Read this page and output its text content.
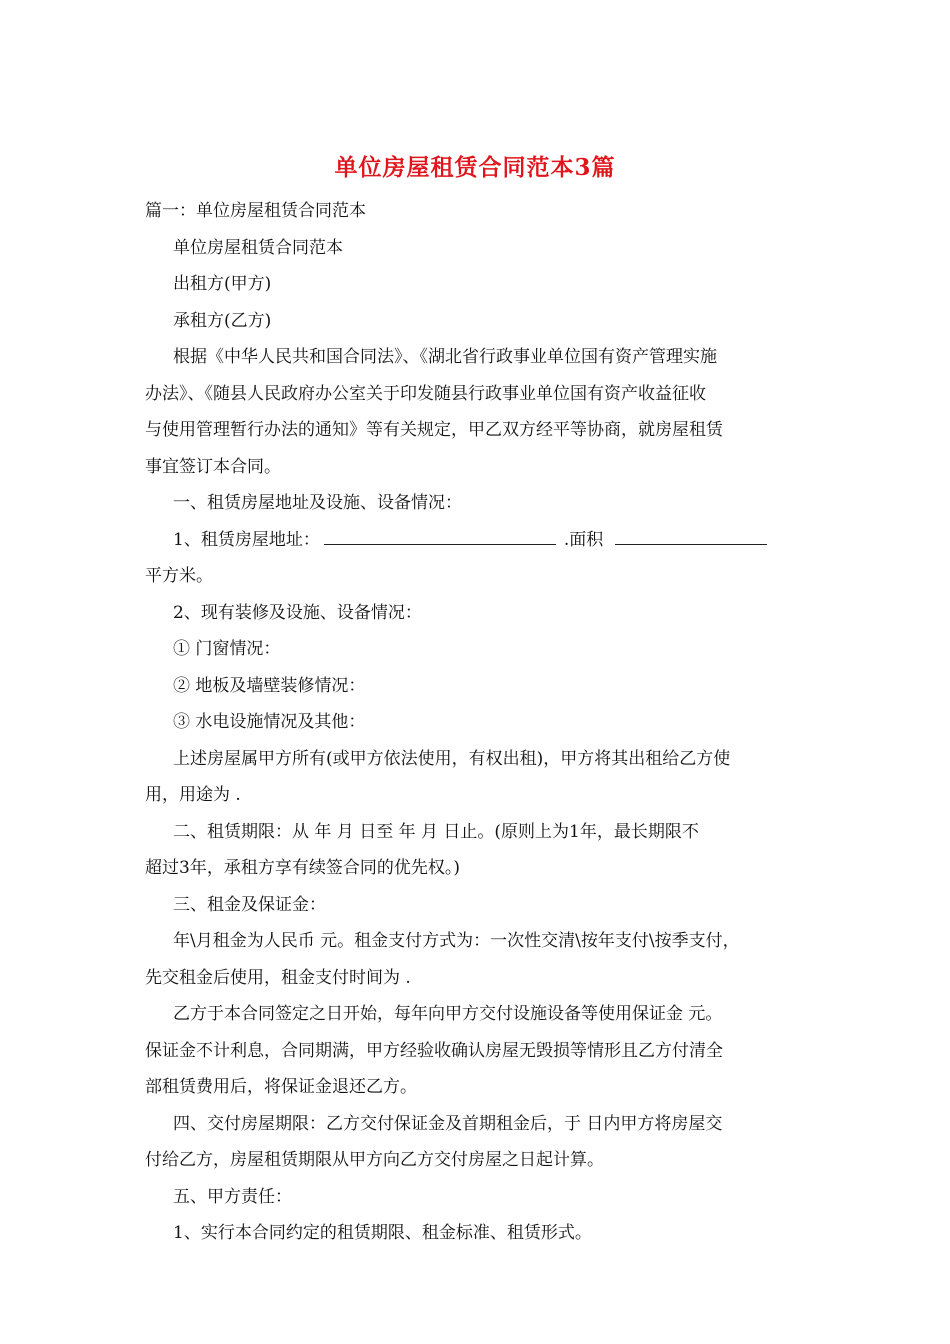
单位房屋租赁合同范本3篇

篇一：单位房屋租赁合同范本

单位房屋租赁合同范本

出租方(甲方)

承租方(乙方)

根据《中华人民共和国合同法》、《湖北省行政事业单位国有资产管理实施

办法》、《随县人民政府办公室关于印发随县行政事业单位国有资产收益征收

与使用管理暂行办法的通知》等有关规定，甲乙双方经平等协商，就房屋租赁

事宜签订本合同。

一、租赁房屋地址及设施、设备情况：

1、租赁房屋地址：	.面积

平方米。

2、现有装修及设施、设备情况：

① 门窗情况：

② 地板及墙壁装修情况：

③ 水电设施情况及其他：

上述房屋属甲方所有(或甲方依法使用，有权出租)，甲方将其出租给乙方使

用，用途为 .

二、租赁期限：从 年 月 日至 年 月 日止。(原则上为1年，最长期限不

超过3年，承租方享有续签合同的优先权。)

三、租金及保证金：

年\月租金为人民币 元。租金支付方式为：一次性交清\按年支付\按季支付，

先交租金后使用，租金支付时间为 .

乙方于本合同签定之日开始，每年向甲方交付设施设备等使用保证金 元。

保证金不计利息，合同期满，甲方经验收确认房屋无毁损等情形且乙方付清全

部租赁费用后，将保证金退还乙方。

四、交付房屋期限：乙方交付保证金及首期租金后，于 日内甲方将房屋交

付给乙方，房屋租赁期限从甲方向乙方交付房屋之日起计算。

五、甲方责任：

1、实行本合同约定的租赁期限、租金标准、租赁形式。
